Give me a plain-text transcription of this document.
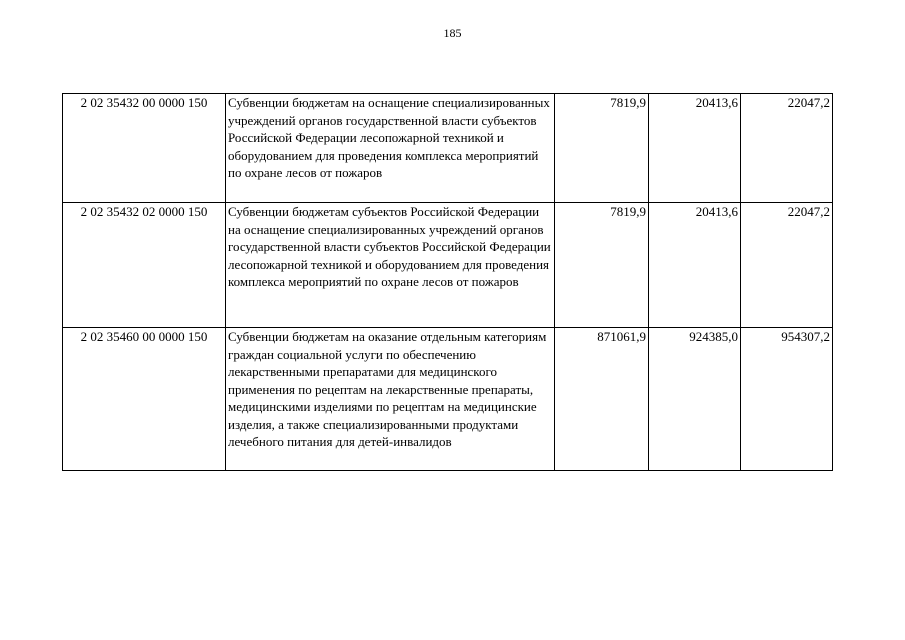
185
2 02 35432 00 0000 150	Субвенции бюджетам на оснащение специализированных учреждений органов государственной власти субъектов Российской Федерации лесопожарной техникой и оборудованием для проведения комплекса мероприятий по охране лесов от пожаров	7819,9	20413,6	22047,2
2 02 35432 02 0000 150	Субвенции бюджетам субъектов Российской Федерации на оснащение специализированных учреждений органов государственной власти субъектов Российской Федерации лесопожарной техникой и оборудованием для проведения комплекса мероприятий по охране лесов от пожаров	7819,9	20413,6	22047,2
2 02 35460 00 0000 150	Субвенции бюджетам на оказание отдельным категориям граждан социальной услуги по обеспечению лекарственными препаратами для медицинского применения по рецептам на лекарственные препараты, медицинскими изделиями по рецептам на медицинские изделия, а также специализированными продуктами лечебного питания для детей-инвалидов	871061,9	924385,0	954307,2
